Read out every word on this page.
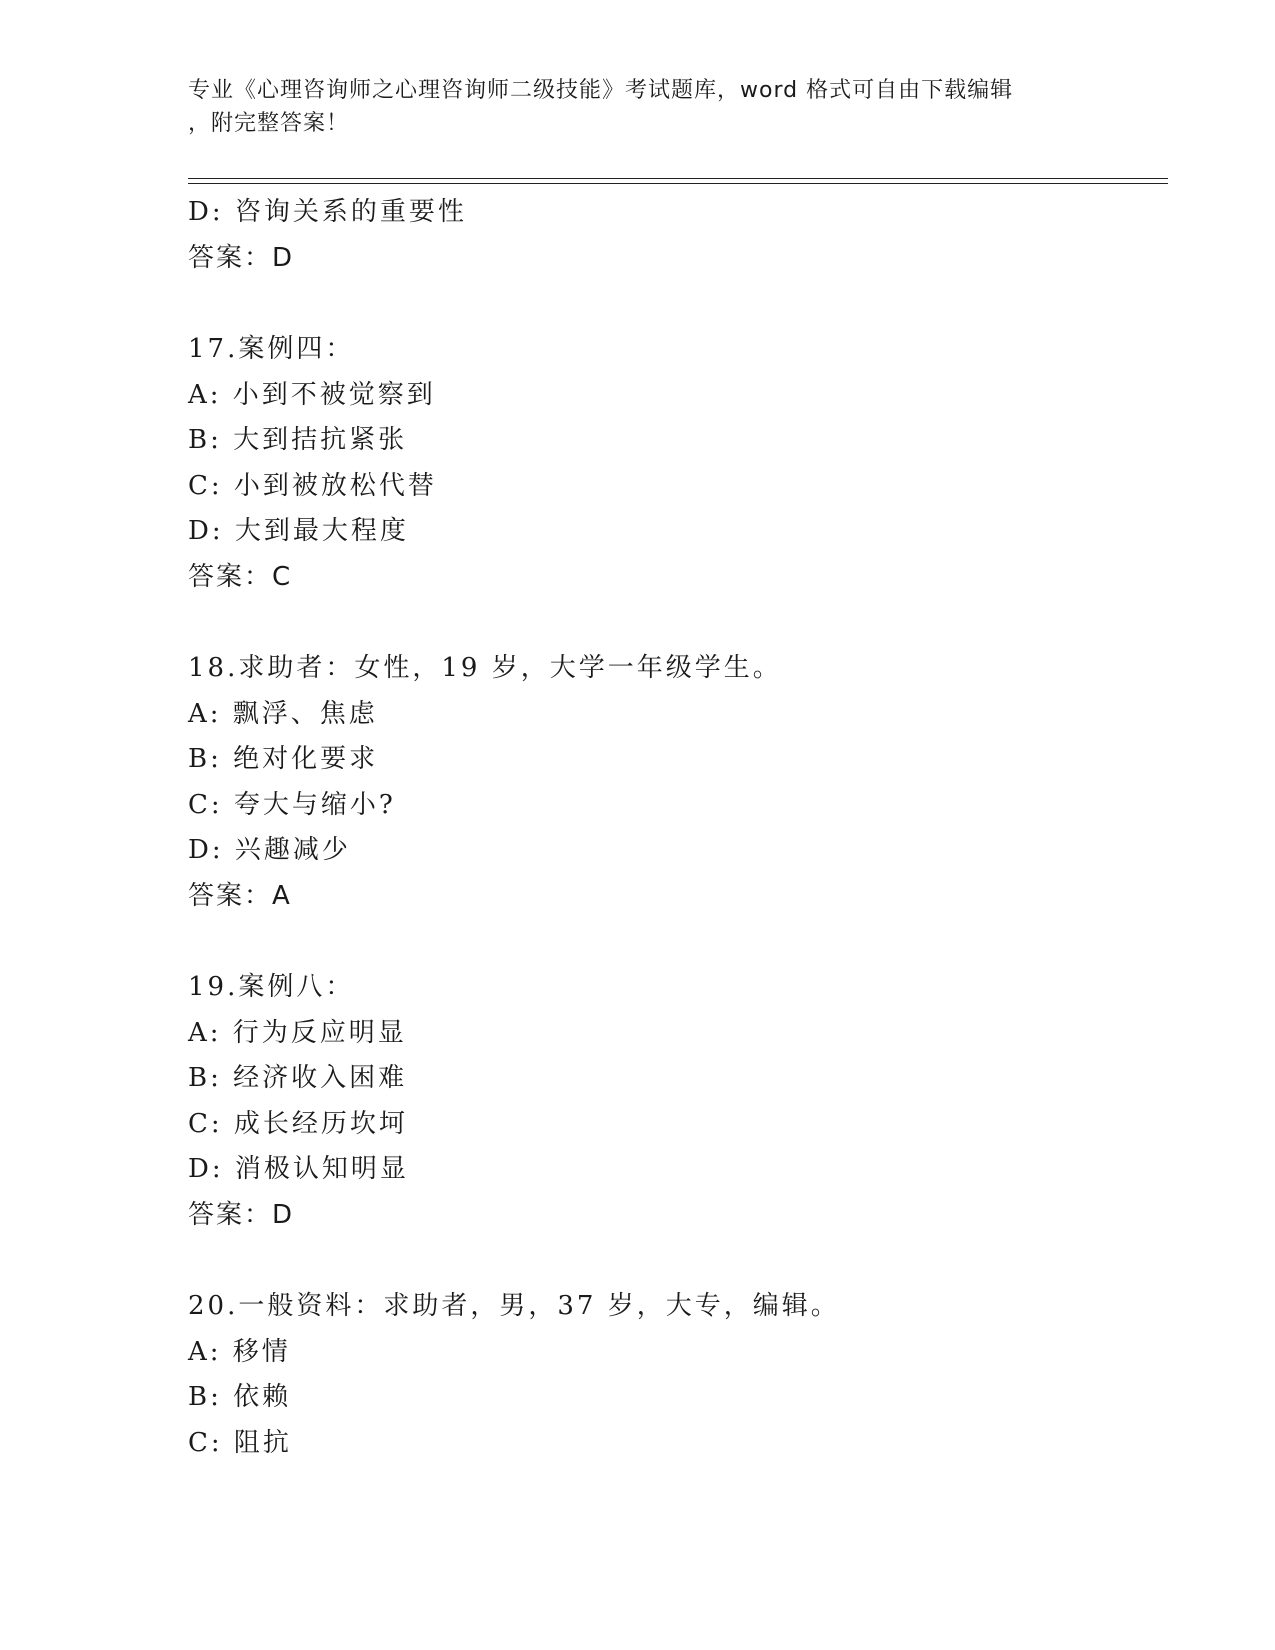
专业《心理咨询师之心理咨询师二级技能》考试题库，word 格式可自由下载编辑
，附完整答案！
D: 咨询关系的重要性
答案：D
17.案例四：
A: 小到不被觉察到
B: 大到拮抗紧张
C: 小到被放松代替
D: 大到最大程度
答案：C
18.求助者：女性，19 岁，大学一年级学生。
A: 飘浮、焦虑
B: 绝对化要求
C: 夸大与缩小?
D: 兴趣减少
答案：A
19.案例八：
A: 行为反应明显
B: 经济收入困难
C: 成长经历坎坷
D: 消极认知明显
答案：D
20.一般资料：求助者，男，37 岁，大专，编辑。
A: 移情
B: 依赖
C: 阻抗
